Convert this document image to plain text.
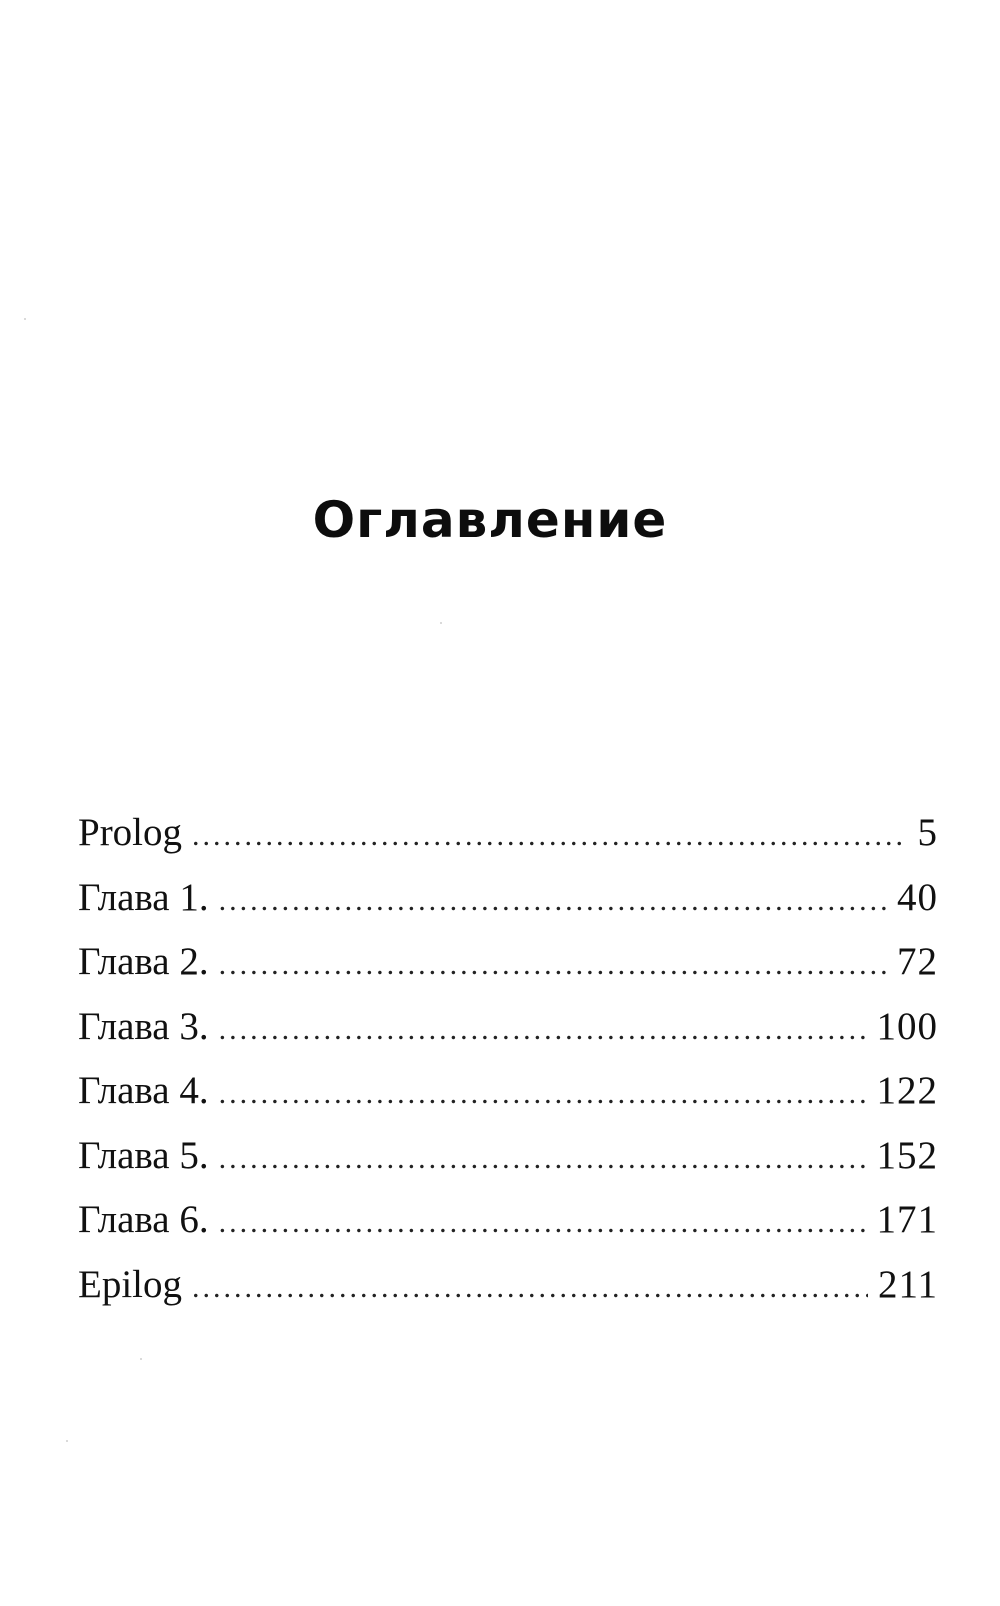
Оглавление
Prolog .....	5
Глава 1. .....	40
Глава 2. .....	72
Глава 3. .....	100
Глава 4. .....	122
Глава 5. .....	152
Глава 6. .....	171
Epilog .....	211
